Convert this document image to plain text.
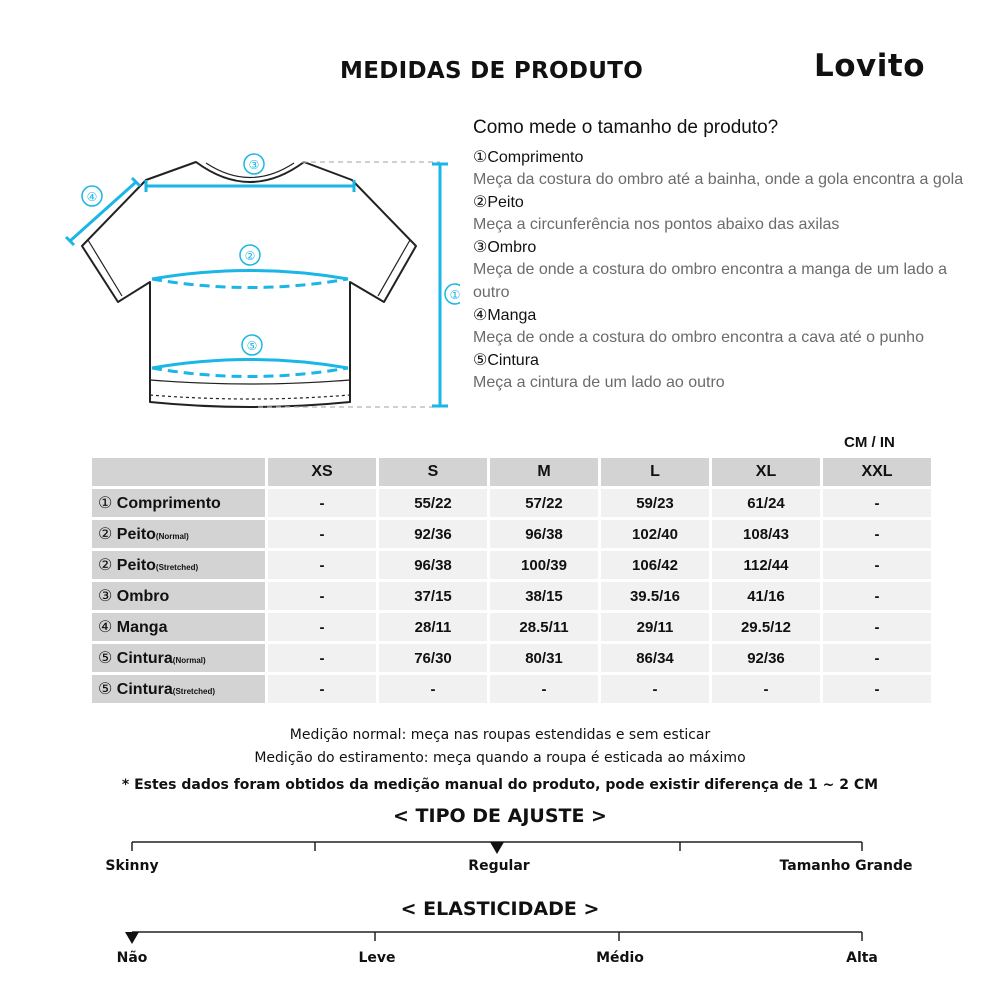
MEDIDAS DE PRODUTO	Lovito
①
②
③
④
⑤
Como mede o tamanho de produto?
①Comprimento
Meça da costura do ombro até a bainha, onde a gola encontra a gola
②Peito
Meça a circunferência nos pontos abaixo das axilas
③Ombro
Meça de onde a costura do ombro encontra a manga de um lado a outro
④Manga
Meça de onde a costura do ombro encontra a cava até o punho
⑤Cintura
Meça a cintura de um lado ao outro
CM / IN
	XS	S	M	L	XL	XXL
① Comprimento	-	55/22	57/22	59/23	61/24	-
② Peito(Normal)	-	92/36	96/38	102/40	108/43	-
② Peito(Stretched)	-	96/38	100/39	106/42	112/44	-
③ Ombro	-	37/15	38/15	39.5/16	41/16	-
④ Manga	-	28/11	28.5/11	29/11	29.5/12	-
⑤ Cintura(Normal)	-	76/30	80/31	86/34	92/36	-
⑤ Cintura(Stretched)	-	-	-	-	-	-
Medição normal: meça nas roupas estendidas e sem esticar
Medição do estiramento: meça quando a roupa é esticada ao máximo
* Estes dados foram obtidos da medição manual do produto, pode existir diferença de 1 ~ 2 CM
< TIPO DE AJUSTE >
< ELASTICIDADE >
Skinny	Regular	Tamanho Grande
Não	Leve	Médio	Alta
